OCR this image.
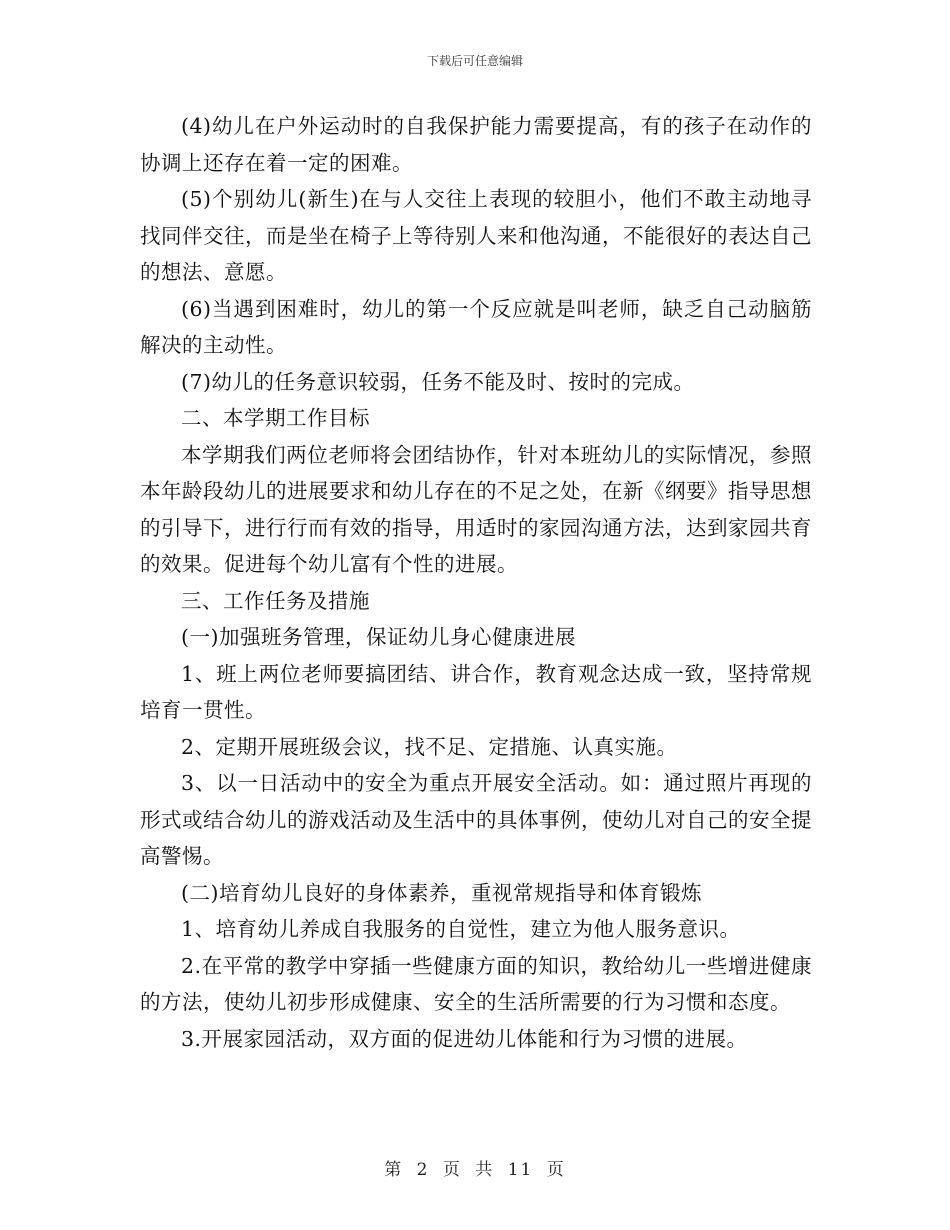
下载后可任意编辑

(4)幼儿在户外运动时的自我保护能力需要提高，有的孩子在动作的协调上还存在着一定的困难。

(5)个别幼儿(新生)在与人交往上表现的较胆小，他们不敢主动地寻找同伴交往，而是坐在椅子上等待别人来和他沟通，不能很好的表达自己的想法、意愿。

(6)当遇到困难时，幼儿的第一个反应就是叫老师，缺乏自己动脑筋解决的主动性。

(7)幼儿的任务意识较弱，任务不能及时、按时的完成。

二、本学期工作目标

本学期我们两位老师将会团结协作，针对本班幼儿的实际情况，参照本年龄段幼儿的进展要求和幼儿存在的不足之处，在新《纲要》指导思想的引导下，进行行而有效的指导，用适时的家园沟通方法，达到家园共育的效果。促进每个幼儿富有个性的进展。

三、工作任务及措施

(一)加强班务管理，保证幼儿身心健康进展

1、班上两位老师要搞团结、讲合作，教育观念达成一致，坚持常规培育一贯性。

2、定期开展班级会议，找不足、定措施、认真实施。

3、以一日活动中的安全为重点开展安全活动。如：通过照片再现的形式或结合幼儿的游戏活动及生活中的具体事例，使幼儿对自己的安全提高警惕。

(二)培育幼儿良好的身体素养，重视常规指导和体育锻炼

1、培育幼儿养成自我服务的自觉性，建立为他人服务意识。

2.在平常的教学中穿插一些健康方面的知识，教给幼儿一些增进健康的方法，使幼儿初步形成健康、安全的生活所需要的行为习惯和态度。

3.开展家园活动，双方面的促进幼儿体能和行为习惯的进展。

第 2 页 共 11 页
